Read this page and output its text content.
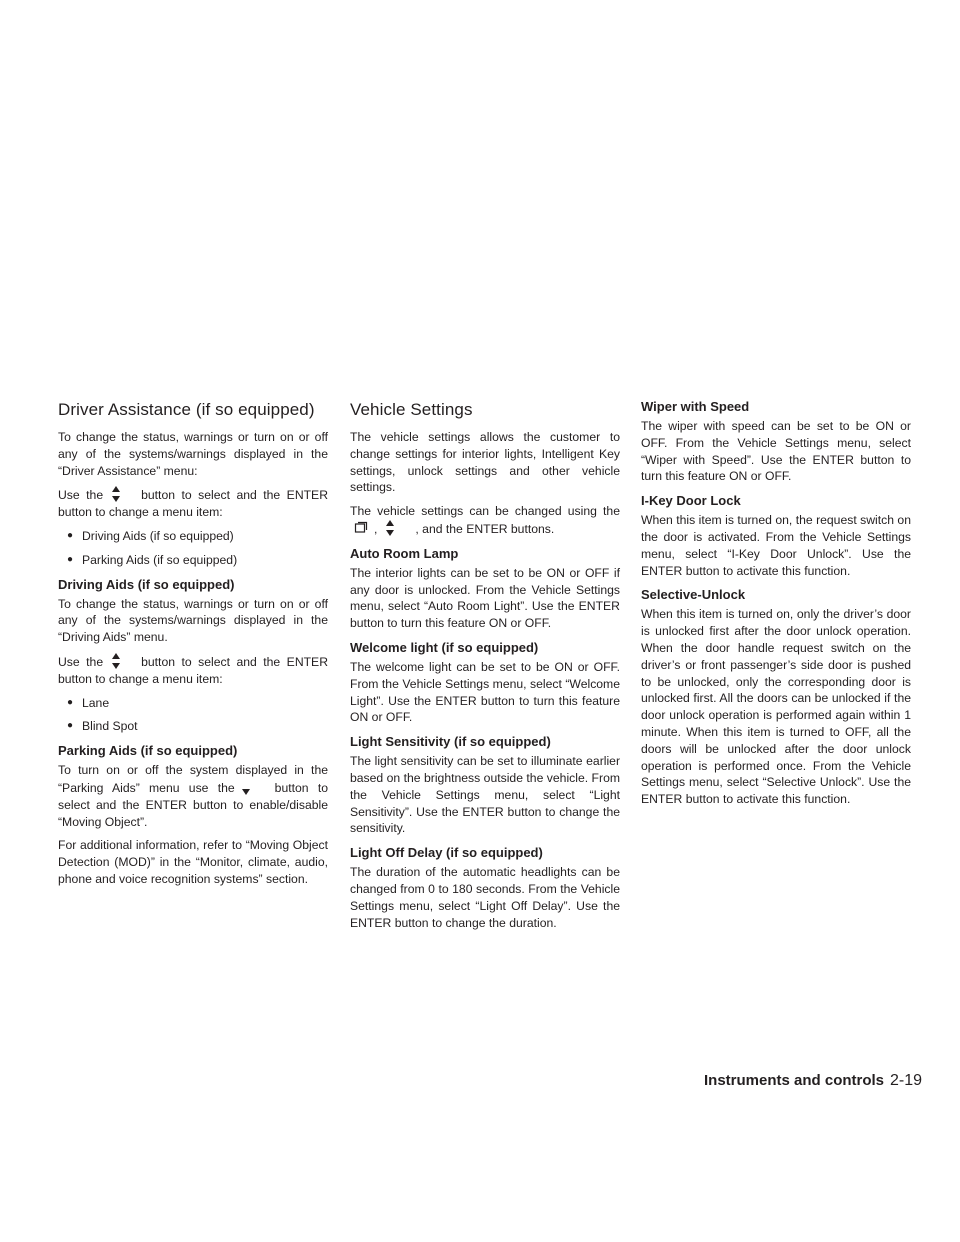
Driver Assistance (if so equipped)

To change the status, warnings or turn on or off any of the systems/warnings displayed in the “Driver Assistance” menu:

Use the	button to select and the ENTER button to change a menu item:

● Driving Aids (if so equipped)
● Parking Aids (if so equipped)
Driving Aids (if so equipped)

To change the status, warnings or turn on or off any of the systems/warnings displayed in the “Driving Aids” menu.

Use the	button to select and the ENTER button to change a menu item:

● Lane
● Blind Spot
Parking Aids (if so equipped)

To turn on or off the system displayed in the “Parking Aids” menu use the	button to select and the ENTER button to enable/disable “Moving Object”.

For additional information, refer to “Moving Object Detection (MOD)” in the “Monitor, climate, audio, phone and voice recognition systems” section.

Vehicle Settings

The vehicle settings allows the customer to change settings for interior lights, Intelligent Key settings, unlock settings and other vehicle settings.

The vehicle settings can be changed using the,	, and the ENTER buttons.

Auto Room Lamp

The interior lights can be set to be ON or OFF if any door is unlocked. From the Vehicle Settings menu, select “Auto Room Light”. Use the ENTER button to turn this feature ON or OFF.

Welcome light (if so equipped)

The welcome light can be set to be ON or OFF. From the Vehicle Settings menu, select “Welcome Light”. Use the ENTER button to turn this feature ON or OFF.

Light Sensitivity (if so equipped)

The light sensitivity can be set to illuminate earlier based on the brightness outside the vehicle. From the Vehicle Settings menu, select “Light Sensitivity”. Use the ENTER button to change the sensitivity.

Light Off Delay (if so equipped)

The duration of the automatic headlights can be changed from 0 to 180 seconds. From the Vehicle Settings menu, select “Light Off Delay”. Use the ENTER button to change the duration.

Wiper with Speed

The wiper with speed can be set to be ON or OFF. From the Vehicle Settings menu, select “Wiper with Speed”. Use the ENTER button to turn this feature ON or OFF.

I-Key Door Lock

When this item is turned on, the request switch on the door is activated. From the Vehicle Settings menu, select “I-Key Door Unlock”. Use the ENTER button to activate this function.

Selective-Unlock

When this item is turned on, only the driver’s door is unlocked first after the door unlock operation. When the door handle request switch on the driver’s or front passenger’s side door is pushed to be unlocked, only the corresponding door is unlocked first. All the doors can be unlocked if the door unlock operation is performed again within 1 minute. When this item is turned to OFF, all the doors will be unlocked after the door unlock operation is performed once. From the Vehicle Settings menu, select “Selective Unlock”. Use the ENTER button to activate this function.

Instruments and controls 2-19
